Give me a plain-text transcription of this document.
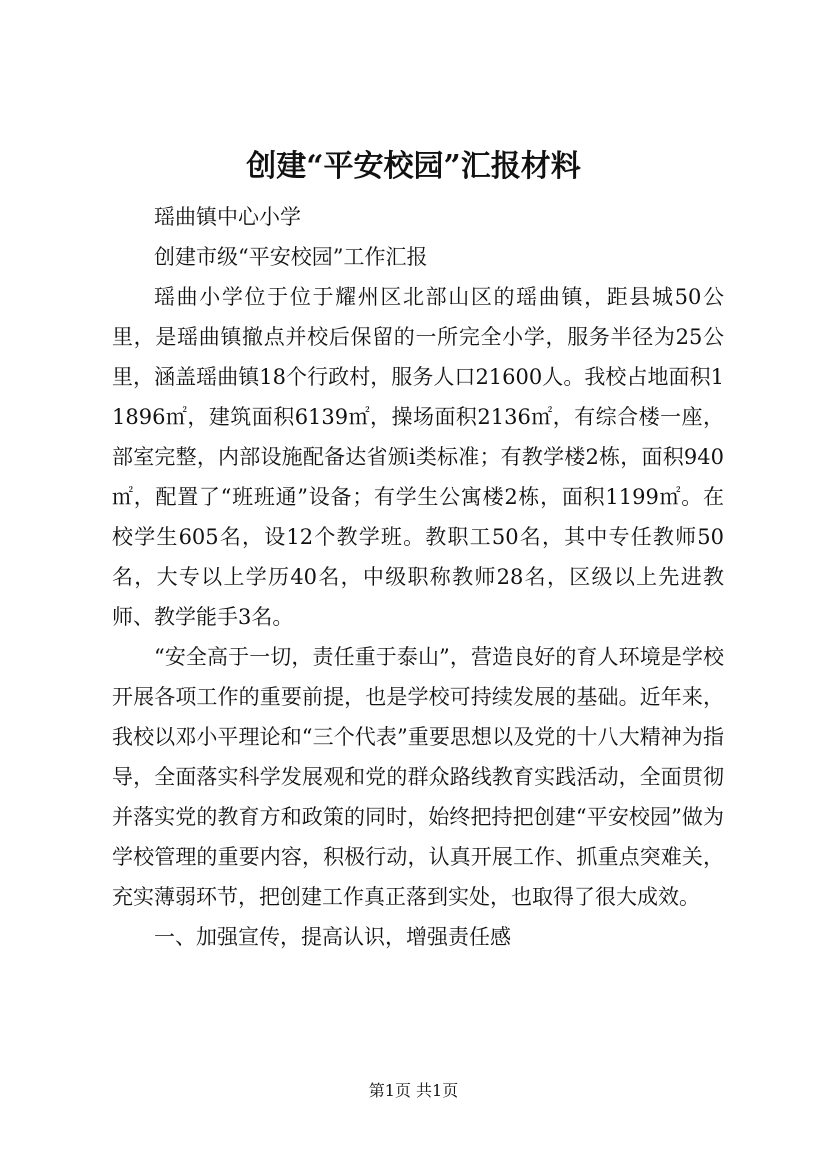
创建“平安校园”汇报材料

瑶曲镇中心小学

创建市级“平安校园”工作汇报

瑶曲小学位于位于耀州区北部山区的瑶曲镇，距县城50公里，是瑶曲镇撤点并校后保留的一所完全小学，服务半径为25公里，涵盖瑶曲镇18个行政村，服务人口21600人。我校占地面积11896㎡，建筑面积6139㎡，操场面积2136㎡，有综合楼一座，部室完整，内部设施配备达省颁ⅰ类标准；有教学楼2栋，面积940㎡，配置了“班班通”设备；有学生公寓楼2栋，面积1199㎡。在校学生605名，设12个教学班。教职工50名，其中专任教师50名，大专以上学历40名，中级职称教师28名，区级以上先进教师、教学能手3名。

“安全高于一切，责任重于泰山”，营造良好的育人环境是学校开展各项工作的重要前提，也是学校可持续发展的基础。近年来，我校以邓小平理论和“三个代表”重要思想以及党的十八大精神为指导，全面落实科学发展观和党的群众路线教育实践活动，全面贯彻并落实党的教育方和政策的同时，始终把持把创建“平安校园”做为学校管理的重要内容，积极行动，认真开展工作、抓重点突难关，充实薄弱环节，把创建工作真正落到实处，也取得了很大成效。

一、加强宣传，提高认识，增强责任感

第1页 共1页
